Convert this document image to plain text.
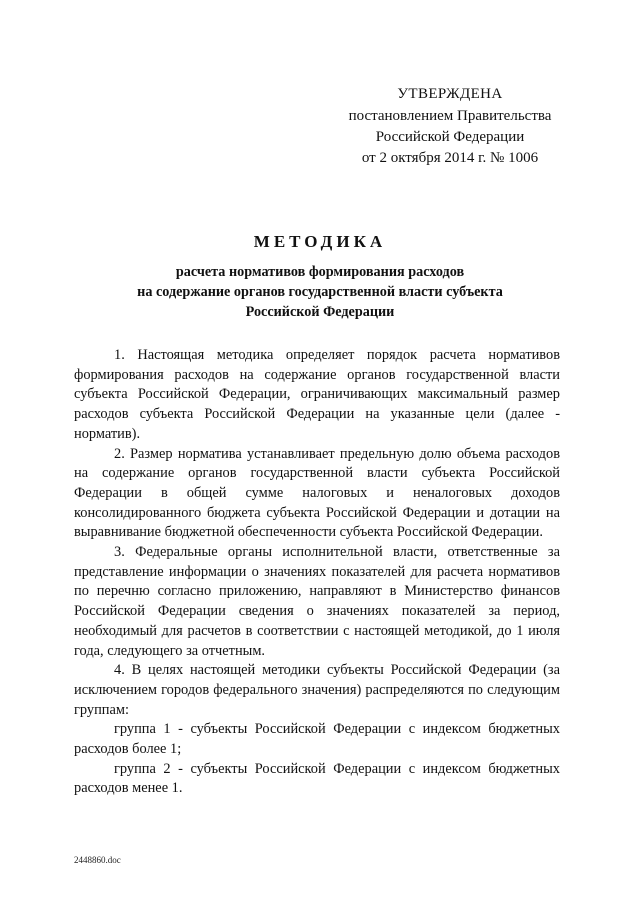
УТВЕРЖДЕНА
постановлением Правительства
Российской Федерации
от 2 октября 2014 г. № 1006
МЕТОДИКА
расчета нормативов формирования расходов
на содержание органов государственной власти субъекта
Российской Федерации

1. Настоящая методика определяет порядок расчета нормативов формирования расходов на содержание органов государственной власти субъекта Российской Федерации, ограничивающих максимальный размер расходов субъекта Российской Федерации на указанные цели (далее - норматив).

2. Размер норматива устанавливает предельную долю объема расходов на содержание органов государственной власти субъекта Российской Федерации в общей сумме налоговых и неналоговых доходов консолидированного бюджета субъекта Российской Федерации и дотации на выравнивание бюджетной обеспеченности субъекта Российской Федерации.

3. Федеральные органы исполнительной власти, ответственные за представление информации о значениях показателей для расчета нормативов по перечню согласно приложению, направляют в Министерство финансов Российской Федерации сведения о значениях показателей за период, необходимый для расчетов в соответствии с настоящей методикой, до 1 июля года, следующего за отчетным.

4. В целях настоящей методики субъекты Российской Федерации (за исключением городов федерального значения) распределяются по следующим группам:

группа 1 - субъекты Российской Федерации с индексом бюджетных расходов более 1;

группа 2 - субъекты Российской Федерации с индексом бюджетных расходов менее 1.

2448860.doc
